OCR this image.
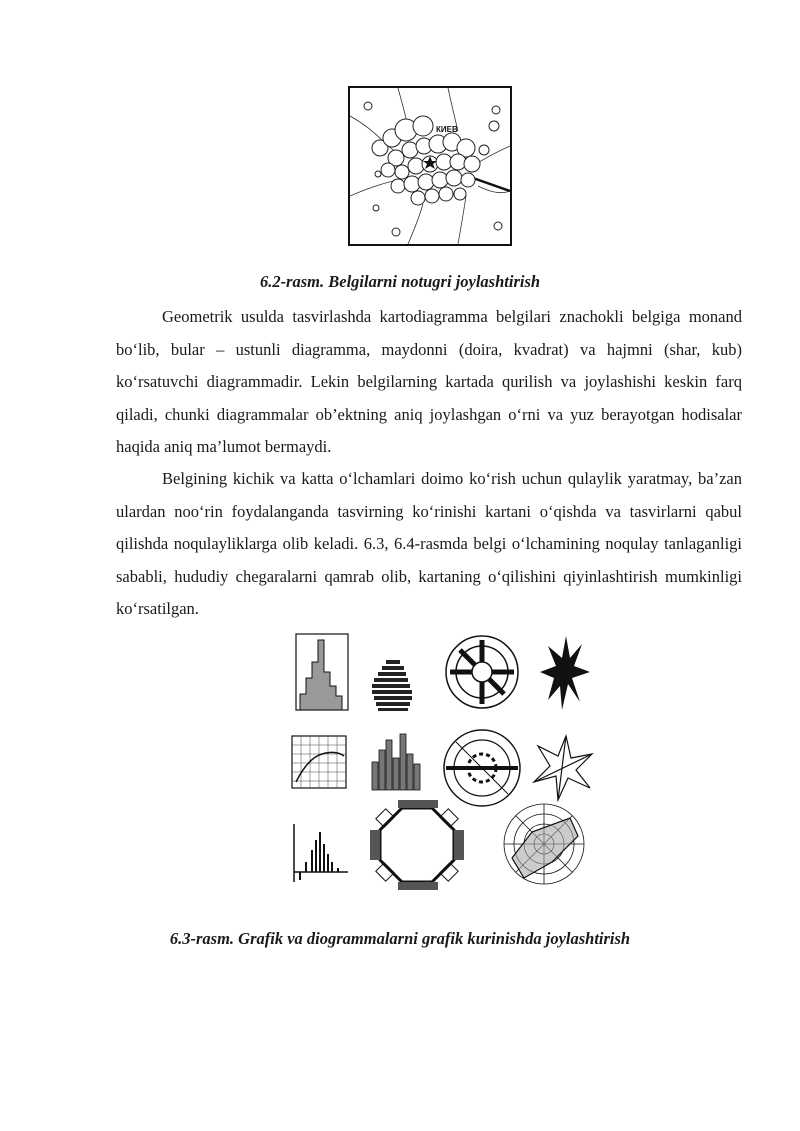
КИЕВ
6.2-rasm. Belgilarni notugri joylashtirish

Geometrik usulda tasvirlashda kartodiagramma belgilari znachokli belgiga monand bo‘lib, bular – ustunli diagramma, maydonni (doira, kvadrat) va hajmni (shar, kub) ko‘rsatuvchi diagrammadir. Lekin belgilarning kartada qurilish va joylashishi keskin farq qiladi, chunki diagrammalar ob’ektning aniq joylashgan o‘rni va yuz berayotgan hodisalar haqida aniq ma’lumot bermaydi.

Belgining kichik va katta o‘lchamlari doimo ko‘rish uchun qulaylik yaratmay, ba’zan ulardan noo‘rin foydalanganda tasvirning ko‘rinishi kartani o‘qishda va tasvirlarni qabul qilishda noqulayliklarga olib keladi. 6.3, 6.4-rasmda belgi o‘lchamining noqulay tanlaganligi sababli, hududiy chegaralarni qamrab olib, kartaning o‘qilishini qiyinlashtirish mumkinligi ko‘rsatilgan.

6.3-rasm. Grafik va diogrammalarni grafik kurinishda joylashtirish
